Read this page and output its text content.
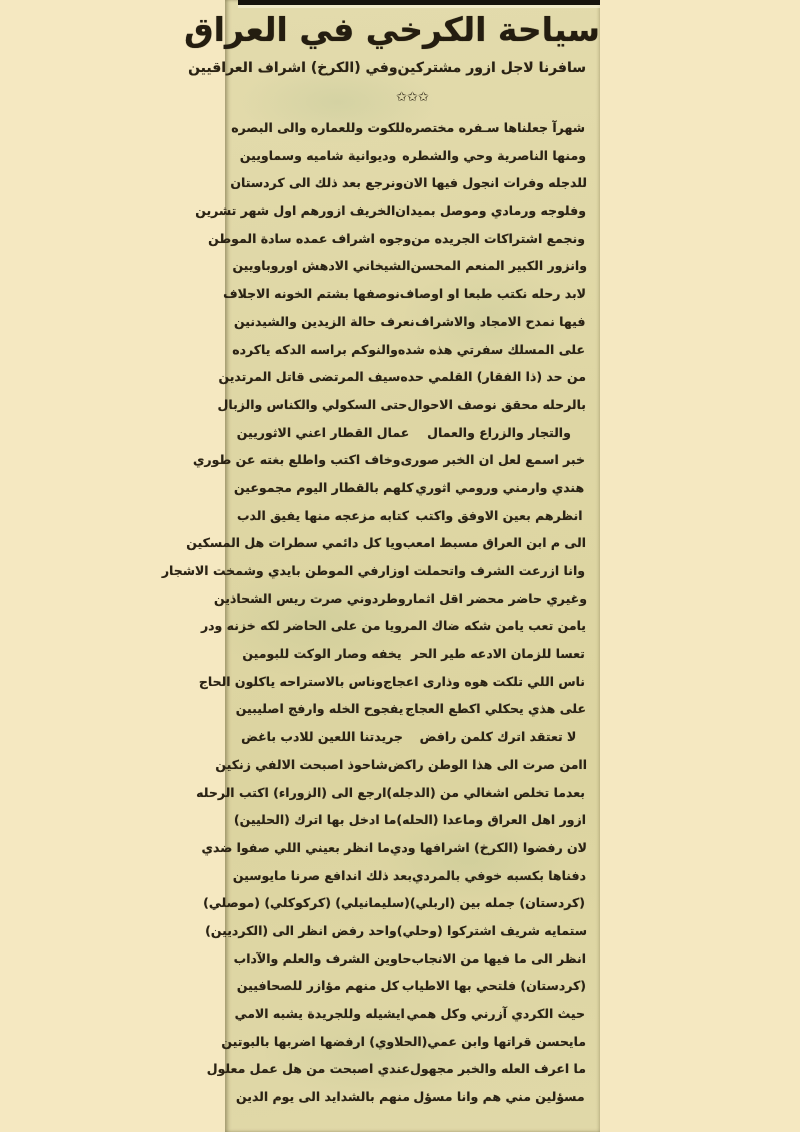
سياحة الكرخي في العراق
سافرنا لاجل ازور مشتركين
وفي (الكرخ) اشراف العراقيين
✩✩✩
شهرآ جعلناها سـفره مختصره
للكوت وللعماره والى البصره
ومنها الناصرية وحي والشطره
وديوانية شاميه وسماويين
للدجله وفرات انجول فيها الان
ونرجع بعد ذلك الى كردستان
وفلوجه ورمادي وموصل بميدان
الخريف ازورهم اول شهر تشرين
ونجمع اشتراكات الجريده من
وجوه اشراف عمده سادة الموطن
وانزور الكبير المنعم المحسن
الشيخاني الادهش اوروباويين
لابد رحله نكتب طبعا او اوصاف
نوصفها بشتم الخونه الاجلاف
فيها نمدح الامجاد والاشراف
نعرف حالة الزيدين والشيدنين
على المسلك سفرتي هذه شده
والنوكم براسه الدكه ياكرده
من حد (ذا الفقار) القلمي حده
سيف المرتضى قاتل المرتدين
بالرحله محقق نوصف الاحوال
حتى السكولي والكناس والزبال
والتجار والزراع والعمال
عمال القطار اعني الاثوريين
خبر اسمع لعل ان الخبر صورى
وخاف اكتب واطلع بغته عن طوري
هندي وارمني ورومي اثوري
كلهم بالقطار اليوم مجموعين
انظرهم بعين الاوفق واكتب
كتابه مزعجه منها يفيق الدب
الى م ابن العراق مسبط امعب
ويا كل دائمي سطرات هل المسكين
وانا ازرعت الشرف واتحملت اوزار
في الموطن بايدي وشمخت الاشجار
وغيري حاضر محضر اقل اثمار
وطردوني صرت ريس الشحاذين
يامن تعب يامن شكه ضاك المر
ويا من على الحاضر لكه خزنه ودر
تعسا للزمان الادعه طير الحر
يخفه وصار الوكت للبومين
ناس اللي تلكت هوه وذارى اعجاج
وناس بالاستراحه ياكلون الحاج
على هذي يحكلي اكطع العجاج
يفجوح الخله وارفج اصليبين
لا تعتقد اترك كلمن رافض
جريدتنا اللعين للادب باغض
اامن صرت الى هذا الوطن راكض
شاحوذ اصبحت الالفي زنكين
بعدما تخلص اشغالي من (الدجله)
ارجع الى (الزوراء) اكتب الرحله
ازور اهل العراق وماعدا (الحله)
ما ادخل بها اترك (الحليين)
لان رفضوا (الكرخ) اشرافها ودي
ما انظر بعيني اللي صفوا ضدي
دفناها بكسبه خوفي بالمردي
بعد ذلك اندافع صرنا مايوسين
(كردستان) جمله بين (اربلي)
(سليمانيلي) (كركوكلي) (موصلي)
ستمايه شريف اشتركوا (وحلي)
واحد رفض انظر الى (الكرديين)
انظر الى ما فيها من الانجاب
حاوين الشرف والعلم والآداب
(كردستان) فلتحي بها الاطياب
كل منهم مؤازر للصحافيين
حيث الكردي آزرني وكل همي
ايشيله وللجريدة يشبه الامي
مايحسن قراتها وابن عمي
(الحلاوي) ارفضها اضربها بالبوتين
ما اعرف العله والخبر مجهول
عندي اصبحت من هل عمل معلول
مسؤلين مني هم وانا مسؤل
منهم بالشدايد الى يوم الدين
